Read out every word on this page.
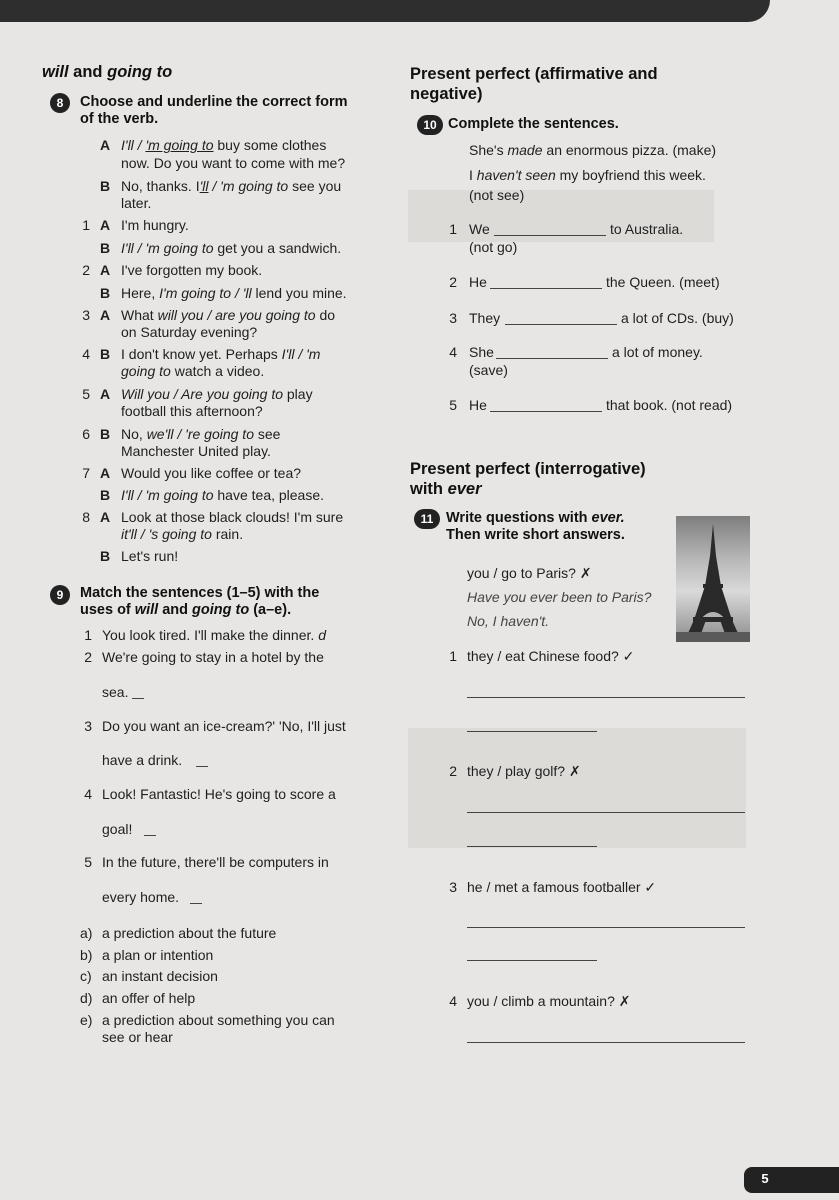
will and going to
8	Choose and underline the correct form
of the verb.
A I'll / 'm going to buy some clothes
now. Do you want to come with me?
B No, thanks. I'll / 'm going to see you
later.
1 A I'm hungry.
B I'll / 'm going to get you a sandwich.
2 A I've forgotten my book.
B Here, I'm going to / 'll lend you mine.
3 A What will you / are you going to do
on Saturday evening?
4 B I don't know yet. Perhaps I'll / 'm
going to watch a video.
5 A Will you / Are you going to play
football this afternoon?
6 B No, we'll / 're going to see
Manchester United play.
7 A Would you like coffee or tea?
B I'll / 'm going to have tea, please.
8 A Look at those black clouds! I'm sure
it'll / 's going to rain.
B Let's run!
9	Match the sentences (1–5) with the
uses of will and going to (a–e).
1 You look tired. I'll make the dinner. d
2 We're going to stay in a hotel by the
sea.
3 Do you want an ice-cream?' 'No, I'll just
have a drink.
4 Look! Fantastic! He's going to score a
goal!
5 In the future, there'll be computers in
every home.
a) a prediction about the future
b) a plan or intention
c) an instant decision
d) an offer of help
e) a prediction about something you can
see or hear
Present perfect (affirmative and
negative)
10 Complete the sentences.
She's made an enormous pizza. (make)
I haven't seen my boyfriend this week.
(not see)
1 We	to Australia.
(not go)
2 He	the Queen. (meet)
3 They	a lot of CDs. (buy)
4 She	a lot of money.
(save)
5 He	that book. (not read)
Present perfect (interrogative)
with ever
11 Write questions with ever.
Then write short answers.
you / go to Paris? ✗
Have you ever been to Paris?
No, I haven't.
1 they / eat Chinese food? ✓
2 they / play golf? ✗
3 he / met a famous footballer ✓
4 you / climb a mountain? ✗
5
